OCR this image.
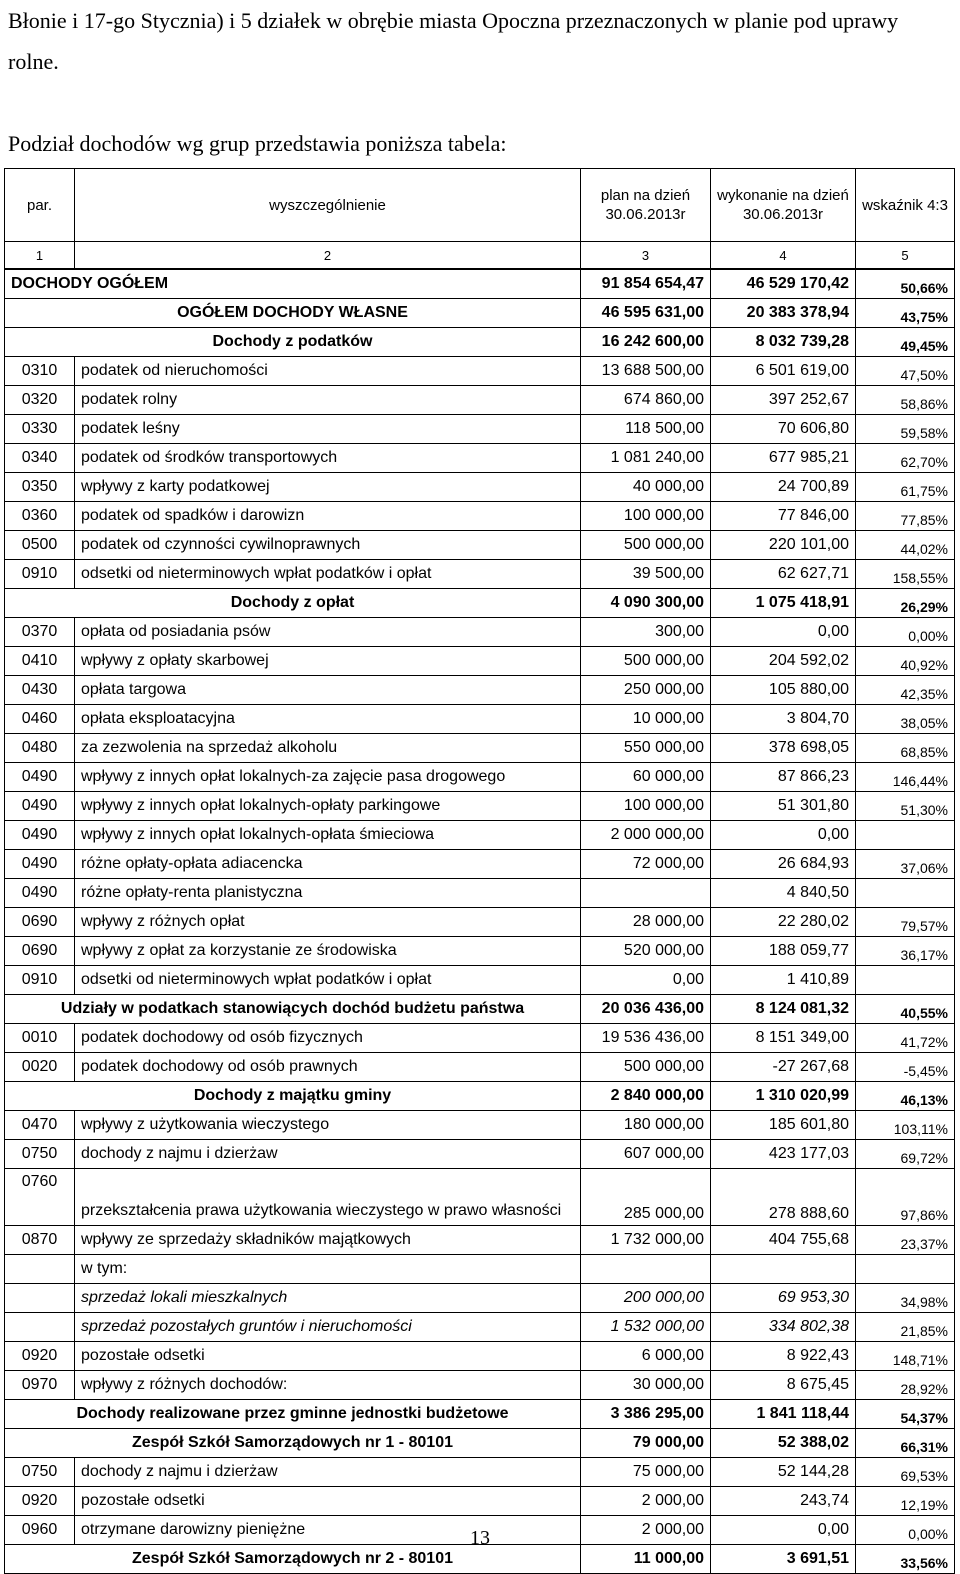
Błonie i 17-go Stycznia) i 5 działek w obrębie miasta Opoczna przeznaczonych w planie pod uprawy rolne.

Podział dochodów wg grup przedstawia poniższa tabela:

par.	wyszczególnienie	plan na dzień 30.06.2013r	wykonanie na dzień 30.06.2013r	wskaźnik 4:3
1	2	3	4	5
DOCHODY OGÓŁEM		91 854 654,47	46 529 170,42	50,66%
OGÓŁEM DOCHODY WŁASNE		46 595 631,00	20 383 378,94	43,75%
Dochody z podatków		16 242 600,00	8 032 739,28	49,45%
0310	podatek od nieruchomości	13 688 500,00	6 501 619,00	47,50%
0320	podatek rolny	674 860,00	397 252,67	58,86%
0330	podatek leśny	118 500,00	70 606,80	59,58%
0340	podatek od środków transportowych	1 081 240,00	677 985,21	62,70%
0350	wpływy z karty podatkowej	40 000,00	24 700,89	61,75%
0360	podatek od spadków i darowizn	100 000,00	77 846,00	77,85%
0500	podatek od czynności cywilnoprawnych	500 000,00	220 101,00	44,02%
0910	odsetki od nieterminowych wpłat podatków i opłat	39 500,00	62 627,71	158,55%
Dochody z opłat		4 090 300,00	1 075 418,91	26,29%
0370	opłata od posiadania psów	300,00	0,00	0,00%
0410	wpływy z opłaty skarbowej	500 000,00	204 592,02	40,92%
0430	opłata targowa	250 000,00	105 880,00	42,35%
0460	opłata eksploatacyjna	10 000,00	3 804,70	38,05%
0480	za zezwolenia na sprzedaż alkoholu	550 000,00	378 698,05	68,85%
0490	wpływy z innych opłat lokalnych-za zajęcie pasa drogowego	60 000,00	87 866,23	146,44%
0490	wpływy z innych opłat lokalnych-opłaty parkingowe	100 000,00	51 301,80	51,30%
0490	wpływy z innych opłat lokalnych-opłata śmieciowa	2 000 000,00	0,00	
0490	różne opłaty-opłata adiacencka	72 000,00	26 684,93	37,06%
0490	różne opłaty-renta planistyczna		4 840,50	
0690	wpływy z różnych opłat	28 000,00	22 280,02	79,57%
0690	wpływy z opłat za korzystanie ze środowiska	520 000,00	188 059,77	36,17%
0910	odsetki od nieterminowych wpłat podatków i opłat	0,00	1 410,89	
Udziały w podatkach stanowiących dochód budżetu państwa		20 036 436,00	8 124 081,32	40,55%
0010	podatek dochodowy od osób fizycznych	19 536 436,00	8 151 349,00	41,72%
0020	podatek dochodowy od osób prawnych	500 000,00	-27 267,68	-5,45%
Dochody z majątku gminy		2 840 000,00	1 310 020,99	46,13%
0470	wpływy z użytkowania wieczystego	180 000,00	185 601,80	103,11%
0750	dochody z najmu i dzierżaw	607 000,00	423 177,03	69,72%
0760	przekształcenia prawa użytkowania wieczystego w prawo własności	285 000,00	278 888,60	97,86%
0870	wpływy ze sprzedaży składników majątkowych	1 732 000,00	404 755,68	23,37%
	w tym:			
	sprzedaż lokali mieszkalnych	200 000,00	69 953,30	34,98%
	sprzedaż pozostałych gruntów i nieruchomości	1 532 000,00	334 802,38	21,85%
0920	pozostałe odsetki	6 000,00	8 922,43	148,71%
0970	wpływy z różnych dochodów:	30 000,00	8 675,45	28,92%
Dochody realizowane przez gminne jednostki budżetowe		3 386 295,00	1 841 118,44	54,37%
Zespół Szkół Samorządowych nr 1 - 80101		79 000,00	52 388,02	66,31%
0750	dochody z najmu i dzierżaw	75 000,00	52 144,28	69,53%
0920	pozostałe odsetki	2 000,00	243,74	12,19%
0960	otrzymane darowizny pieniężne	2 000,00	0,00	0,00%
Zespół Szkół Samorządowych nr 2 - 80101		11 000,00	3 691,51	33,56%
13
